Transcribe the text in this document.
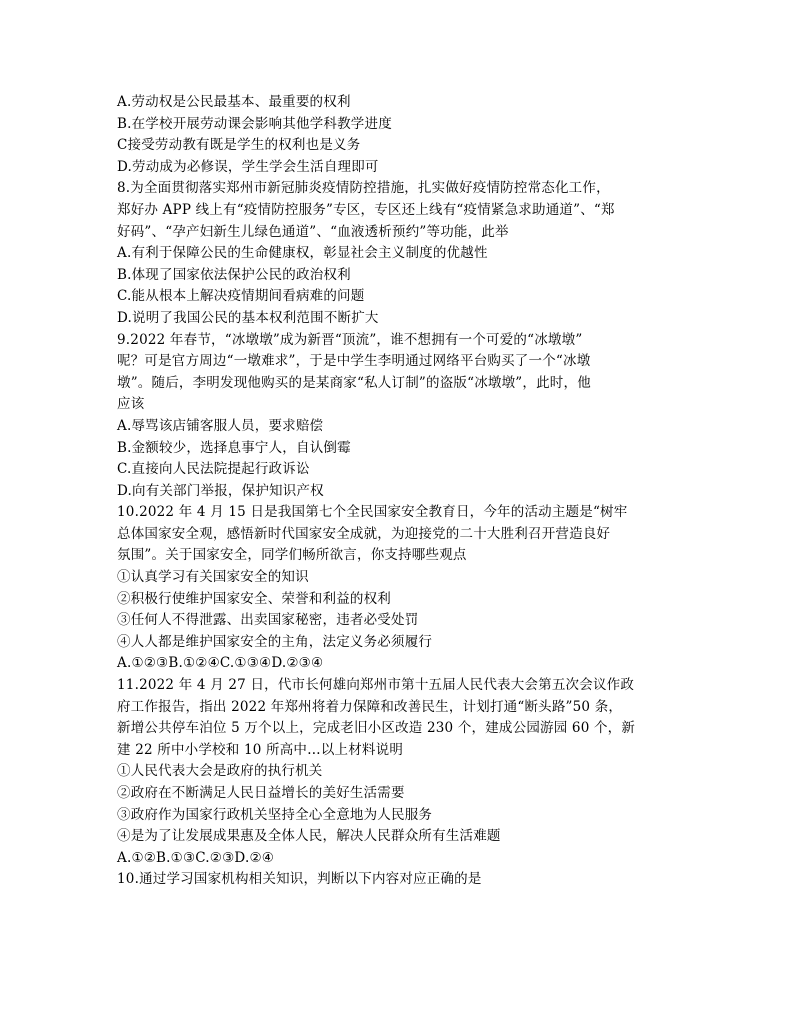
A.劳动权是公民最基本、最重要的权利
B.在学校开展劳动课会影响其他学科教学进度
C接受劳动教有既是学生的权利也是义务
D.劳动成为必修误，学生学会生活自理即可
8.为全面贯彻落实郑州市新冠肺炎疫情防控措施，扎实做好疫情防控常态化工作，
郑好办 APP 线上有“疫情防控服务”专区，专区还上线有“疫情紧急求助通道”、“郑
好码”、“孕产妇新生儿绿色通道”、“血液透析预约”等功能，此举
A.有利于保障公民的生命健康权，彰显社会主义制度的优越性
B.体现了国家依法保护公民的政治权利
C.能从根本上解决疫情期间看病难的问题
D.说明了我国公民的基本权利范围不断扩大
9.2022 年春节，“冰墩墩”成为新晋“顶流”，谁不想拥有一个可爱的“冰墩墩”
呢？可是官方周边“一墩难求”，于是中学生李明通过网络平台购买了一个“冰墩
墩”。随后，李明发现他购买的是某商家“私人订制”的盗版“冰墩墩”，此时，他
应该
A.辱骂该店铺客服人员，要求赔偿
B.金额较少，选择息事宁人，自认倒霉
C.直接向人民法院提起行政诉讼
D.向有关部门举报，保护知识产权
10.2022 年 4 月 15 日是我国第七个全民国家安全教育日，今年的活动主题是“树牢
总体国家安全观，感悟新时代国家安全成就，为迎接党的二十大胜利召开营造良好
氛围”。关于国家安全，同学们畅所欲言，你支持哪些观点
①认真学习有关国家安全的知识
②积极行使维护国家安全、荣誉和利益的权利
③任何人不得泄露、出卖国家秘密，违者必受处罚
④人人都是维护国家安全的主角，法定义务必须履行
A.①②③B.①②④C.①③④D.②③④
11.2022 年 4 月 27 日，代市长何雄向郑州市第十五届人民代表大会第五次会议作政
府工作报告，指出 2022 年郑州将着力保障和改善民生，计划打通“断头路”50 条，
新增公共停车泊位 5 万个以上，完成老旧小区改造 230 个，建成公园游园 60 个，新
建 22 所中小学校和 10 所高中…以上材料说明
①人民代表大会是政府的执行机关
②政府在不断满足人民日益增长的美好生活需要
③政府作为国家行政机关坚持全心全意地为人民服务
④是为了让发展成果惠及全体人民，解决人民群众所有生活难题
A.①②B.①③C.②③D.②④
10.通过学习国家机构相关知识，判断以下内容对应正确的是
